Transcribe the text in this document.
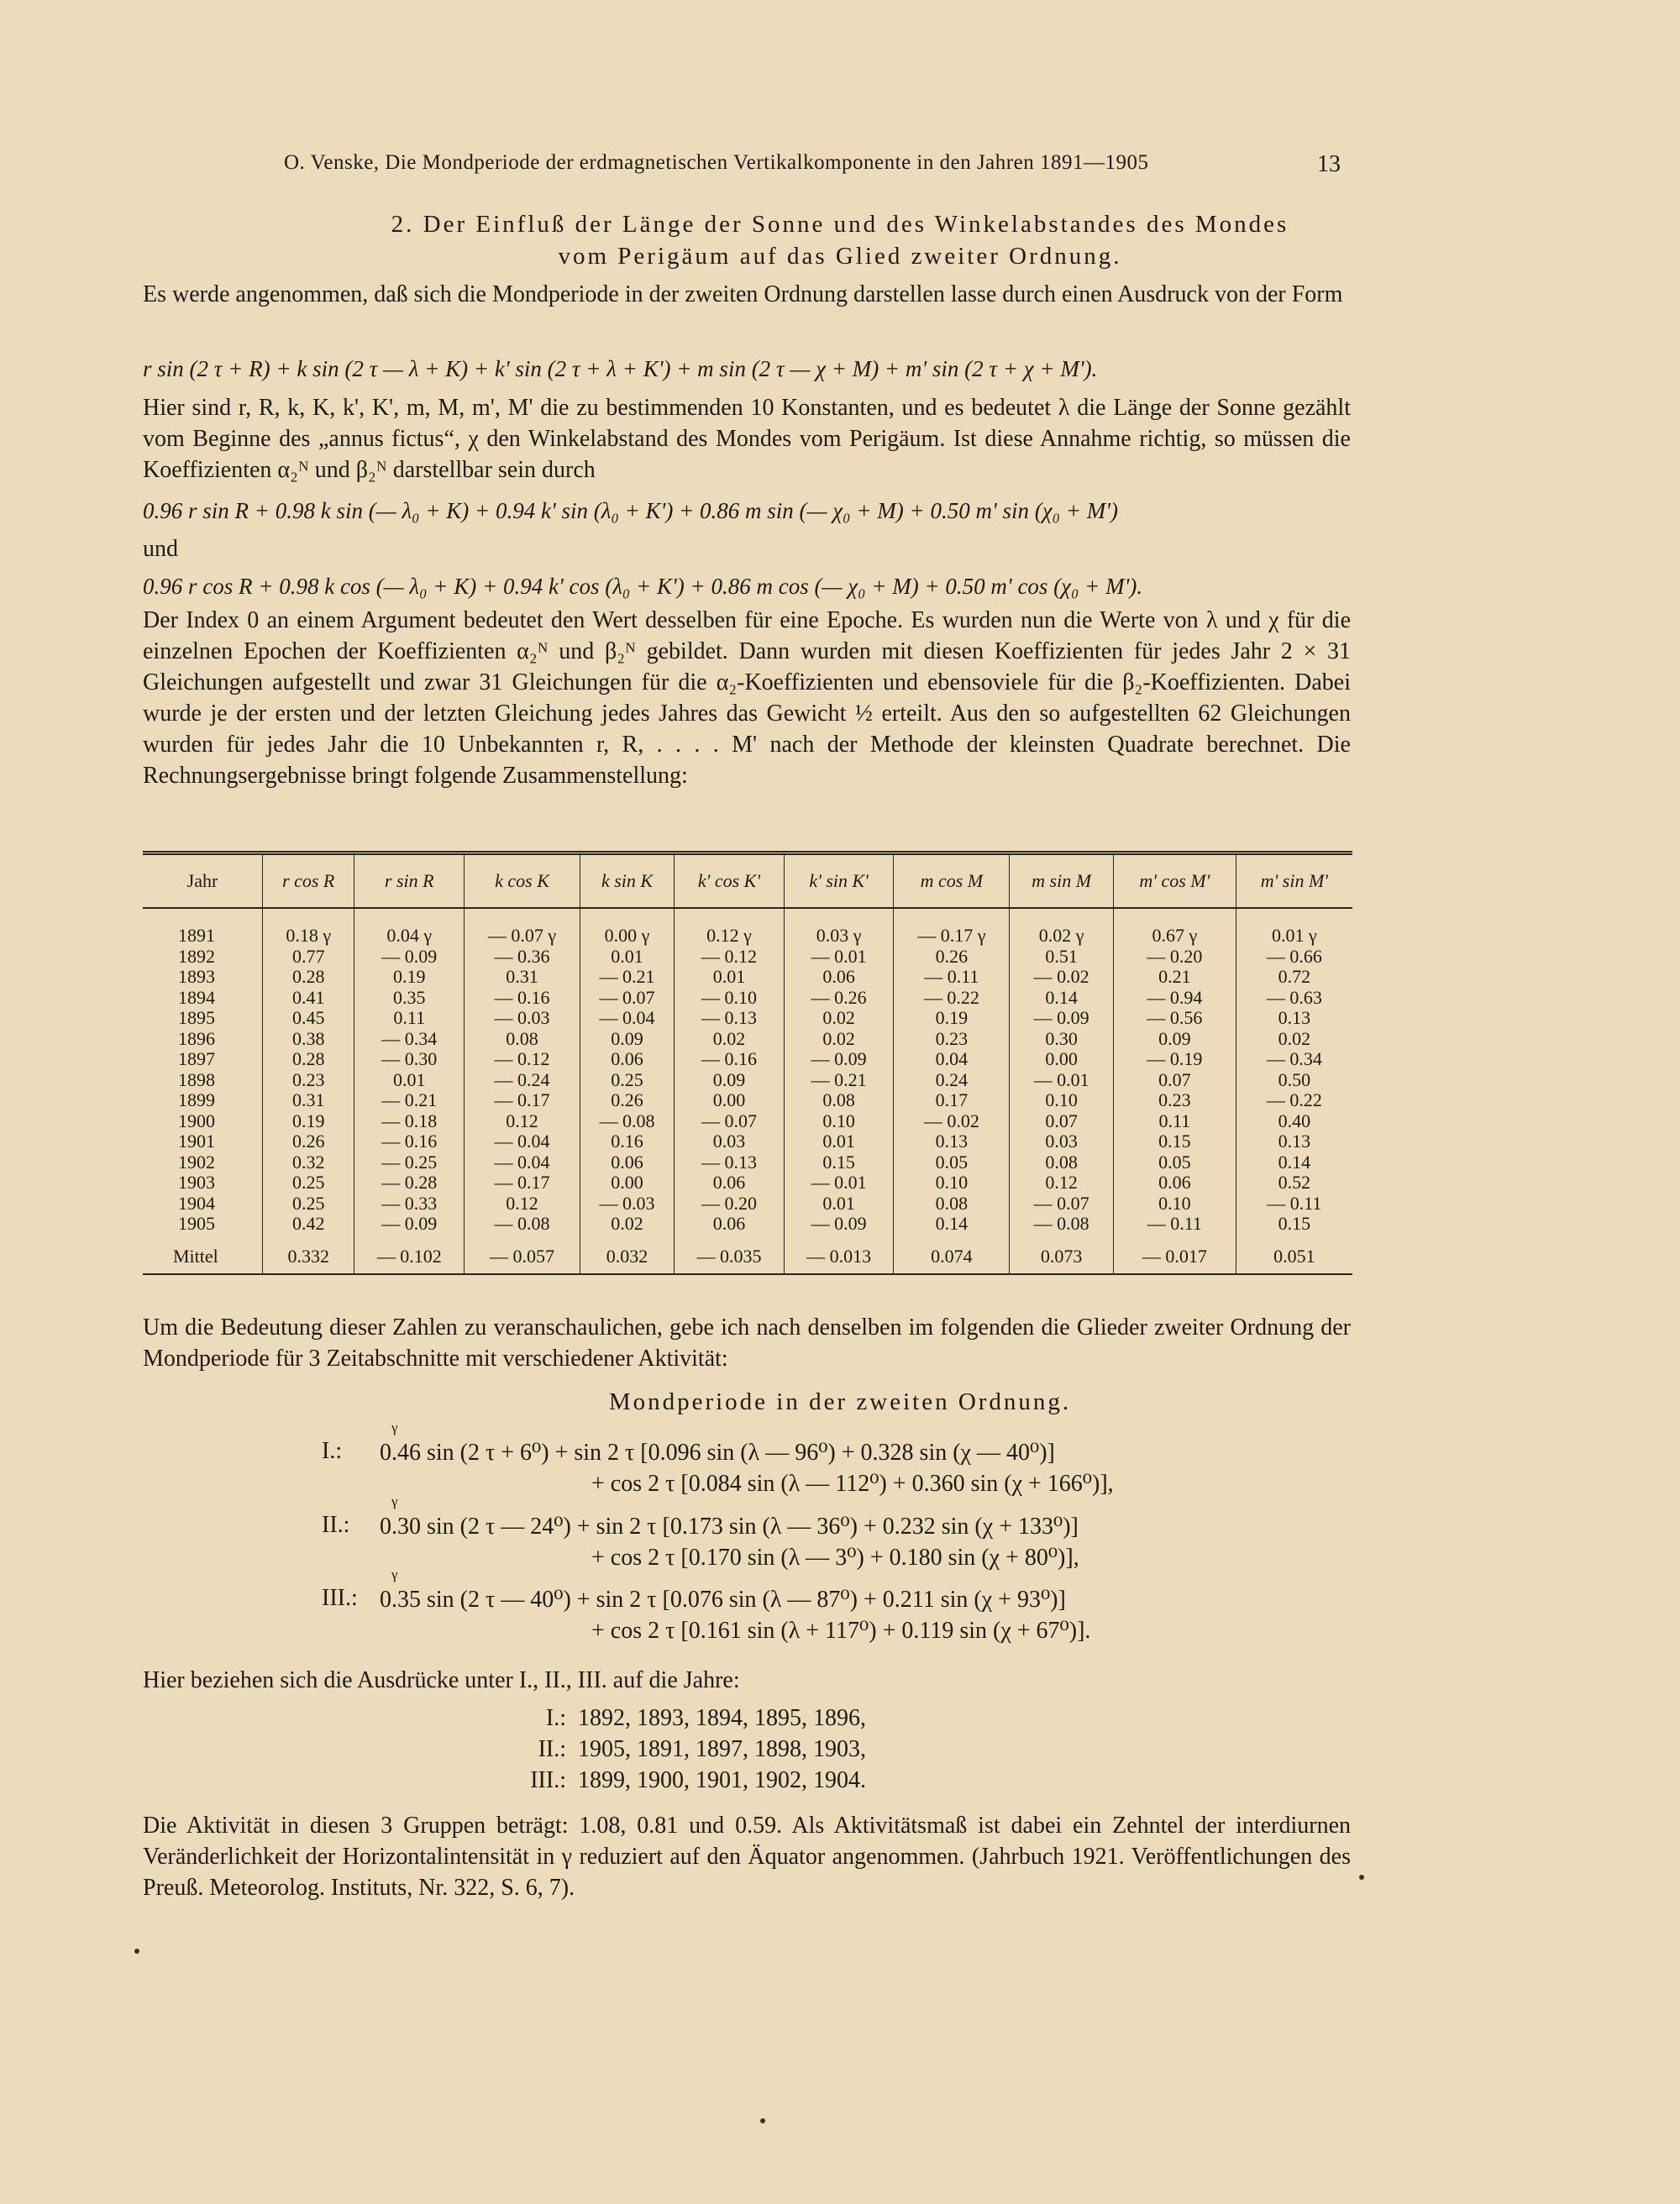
O. Venske, Die Mondperiode der erdmagnetischen Vertikalkomponente in den Jahren 1891—1905	13
2. Der Einfluß der Länge der Sonne und des Winkelabstandes des Mondes
vom Perigäum auf das Glied zweiter Ordnung.
Es werde angenommen, daß sich die Mondperiode in der zweiten Ordnung darstellen lasse durch einen Ausdruck von der Form
r sin (2 τ + R) + k sin (2 τ — λ + K) + k' sin (2 τ + λ + K') + m sin (2 τ — χ + M) + m' sin (2 τ + χ + M').
Hier sind r, R, k, K, k', K', m, M, m', M' die zu bestimmenden 10 Konstanten, und es bedeutet λ die Länge der Sonne gezählt vom Beginne des „annus fictus“, χ den Winkelabstand des Mondes vom Perigäum. Ist diese Annahme richtig, so müssen die Koeffizienten α₂ᴺ und β₂ᴺ darstellbar sein durch
0.96 r sin R + 0.98 k sin (— λ₀ + K) + 0.94 k' sin (λ₀ + K') + 0.86 m sin (— χ₀ + M) + 0.50 m' sin (χ₀ + M')
und
0.96 r cos R + 0.98 k cos (— λ₀ + K) + 0.94 k' cos (λ₀ + K') + 0.86 m cos (— χ₀ + M) + 0.50 m' cos (χ₀ + M').
Der Index 0 an einem Argument bedeutet den Wert desselben für eine Epoche. Es wurden nun die Werte von λ und χ für die einzelnen Epochen der Koeffizienten α₂ᴺ und β₂ᴺ gebildet. Dann wurden mit diesen Koeffizienten für jedes Jahr 2 × 31 Gleichungen aufgestellt und zwar 31 Gleichungen für die α₂-Koeffizienten und ebensoviele für die β₂-Koeffizienten. Dabei wurde je der ersten und der letzten Gleichung jedes Jahres das Gewicht ½ erteilt. Aus den so aufgestellten 62 Gleichungen wurden für jedes Jahr die 10 Unbekannten r, R, . . . . M' nach der Methode der kleinsten Quadrate berechnet. Die Rechnungsergebnisse bringt folgende Zusammenstellung:
Jahr	r cos R	r sin R	k cos K	k sin K	k' cos K'	k' sin K'	m cos M	m sin M	m' cos M'	m' sin M'
1891	0.18 γ	0.04 γ	— 0.07 γ	0.00 γ	0.12 γ	0.03 γ	— 0.17 γ	0.02 γ	0.67 γ	0.01 γ
1892	0.77	— 0.09	— 0.36	0.01	— 0.12	— 0.01	0.26	0.51	— 0.20	— 0.66
1893	0.28	0.19	0.31	— 0.21	0.01	0.06	— 0.11	— 0.02	0.21	0.72
1894	0.41	0.35	— 0.16	— 0.07	— 0.10	— 0.26	— 0.22	0.14	— 0.94	— 0.63
1895	0.45	0.11	— 0.03	— 0.04	— 0.13	0.02	0.19	— 0.09	— 0.56	0.13
1896	0.38	— 0.34	0.08	0.09	0.02	0.02	0.23	0.30	0.09	0.02
1897	0.28	— 0.30	— 0.12	0.06	— 0.16	— 0.09	0.04	0.00	— 0.19	— 0.34
1898	0.23	0.01	— 0.24	0.25	0.09	— 0.21	0.24	— 0.01	0.07	0.50
1899	0.31	— 0.21	— 0.17	0.26	0.00	0.08	0.17	0.10	0.23	— 0.22
1900	0.19	— 0.18	0.12	— 0.08	— 0.07	0.10	— 0.02	0.07	0.11	0.40
1901	0.26	— 0.16	— 0.04	0.16	0.03	0.01	0.13	0.03	0.15	0.13
1902	0.32	— 0.25	— 0.04	0.06	— 0.13	0.15	0.05	0.08	0.05	0.14
1903	0.25	— 0.28	— 0.17	0.00	0.06	— 0.01	0.10	0.12	0.06	0.52
1904	0.25	— 0.33	0.12	— 0.03	— 0.20	0.01	0.08	— 0.07	0.10	— 0.11
1905	0.42	— 0.09	— 0.08	0.02	0.06	— 0.09	0.14	— 0.08	— 0.11	0.15
Mittel	0.332	— 0.102	— 0.057	0.032	— 0.035	— 0.013	0.074	0.073	— 0.017	0.051
Um die Bedeutung dieser Zahlen zu veranschaulichen, gebe ich nach denselben im folgenden die Glieder zweiter Ordnung der Mondperiode für 3 Zeitabschnitte mit verschiedener Aktivität:
Mondperiode in der zweiten Ordnung.
I.:
γ
0.46 sin (2 τ + 6⁰) + sin 2 τ [0.096 sin (λ — 96⁰) + 0.328 sin (χ — 40⁰)]
+ cos 2 τ [0.084 sin (λ — 112⁰) + 0.360 sin (χ + 166⁰)],
II.:
γ
0.30 sin (2 τ — 24⁰) + sin 2 τ [0.173 sin (λ — 36⁰) + 0.232 sin (χ + 133⁰)]
+ cos 2 τ [0.170 sin (λ — 3⁰) + 0.180 sin (χ + 80⁰)],
III.:
γ
0.35 sin (2 τ — 40⁰) + sin 2 τ [0.076 sin (λ — 87⁰) + 0.211 sin (χ + 93⁰)]
+ cos 2 τ [0.161 sin (λ + 117⁰) + 0.119 sin (χ + 67⁰)].
Hier beziehen sich die Ausdrücke unter I., II., III. auf die Jahre:
I.: 1892, 1893, 1894, 1895, 1896,
II.: 1905, 1891, 1897, 1898, 1903,
III.: 1899, 1900, 1901, 1902, 1904.
Die Aktivität in diesen 3 Gruppen beträgt: 1.08, 0.81 und 0.59. Als Aktivitätsmaß ist dabei ein Zehntel der interdiurnen Veränderlichkeit der Horizontalintensität in γ reduziert auf den Äquator angenommen. (Jahrbuch 1921. Veröffentlichungen des Preuß. Meteorolog. Instituts, Nr. 322, S. 6, 7).
